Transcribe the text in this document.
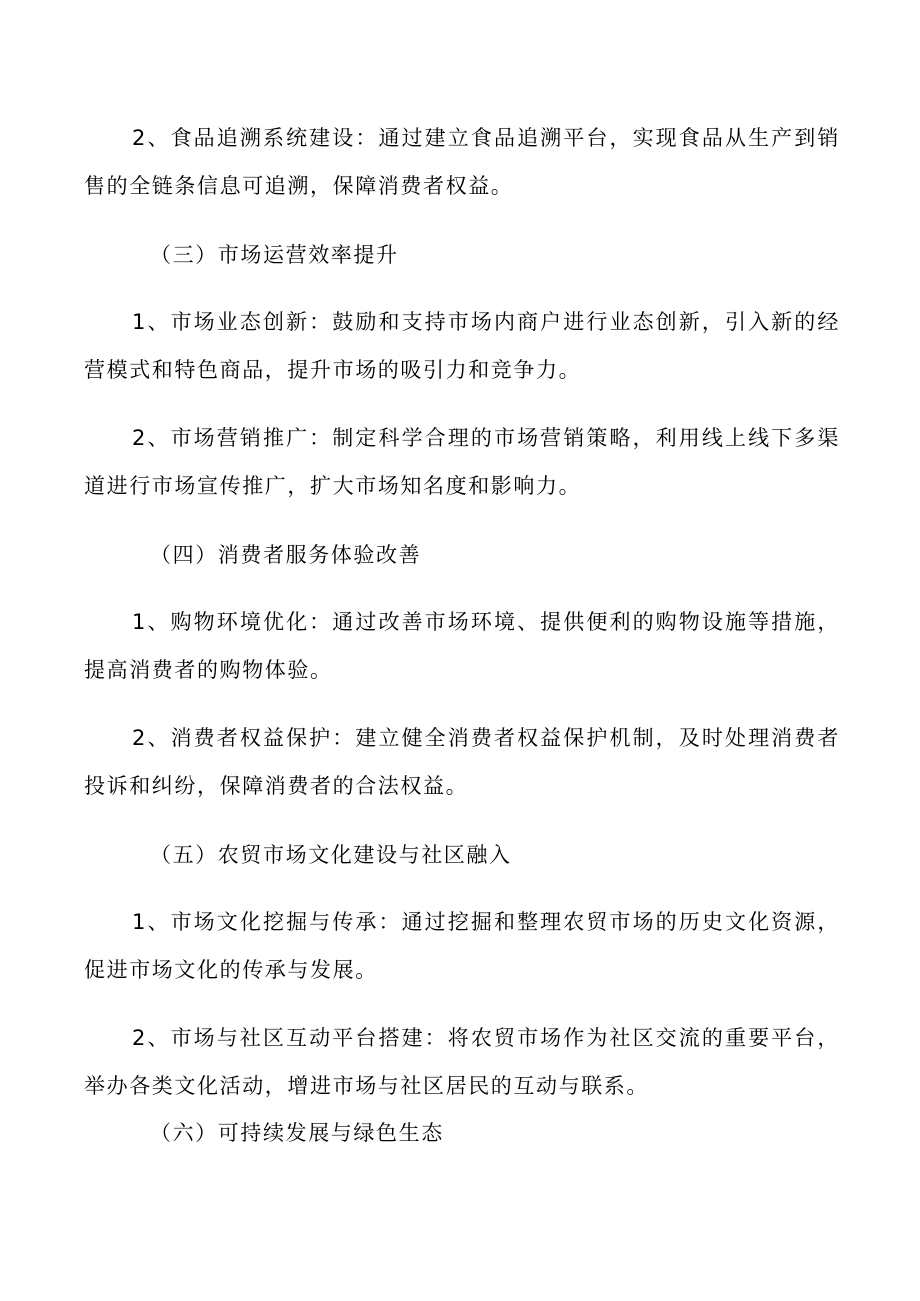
2、食品追溯系统建设：通过建立食品追溯平台，实现食品从生产到销售的全链条信息可追溯，保障消费者权益。

（三）市场运营效率提升

1、市场业态创新：鼓励和支持市场内商户进行业态创新，引入新的经营模式和特色商品，提升市场的吸引力和竞争力。

2、市场营销推广：制定科学合理的市场营销策略，利用线上线下多渠道进行市场宣传推广，扩大市场知名度和影响力。

（四）消费者服务体验改善

1、购物环境优化：通过改善市场环境、提供便利的购物设施等措施，提高消费者的购物体验。

2、消费者权益保护：建立健全消费者权益保护机制，及时处理消费者投诉和纠纷，保障消费者的合法权益。

（五）农贸市场文化建设与社区融入

1、市场文化挖掘与传承：通过挖掘和整理农贸市场的历史文化资源，促进市场文化的传承与发展。

2、市场与社区互动平台搭建：将农贸市场作为社区交流的重要平台，举办各类文化活动，增进市场与社区居民的互动与联系。

（六）可持续发展与绿色生态
